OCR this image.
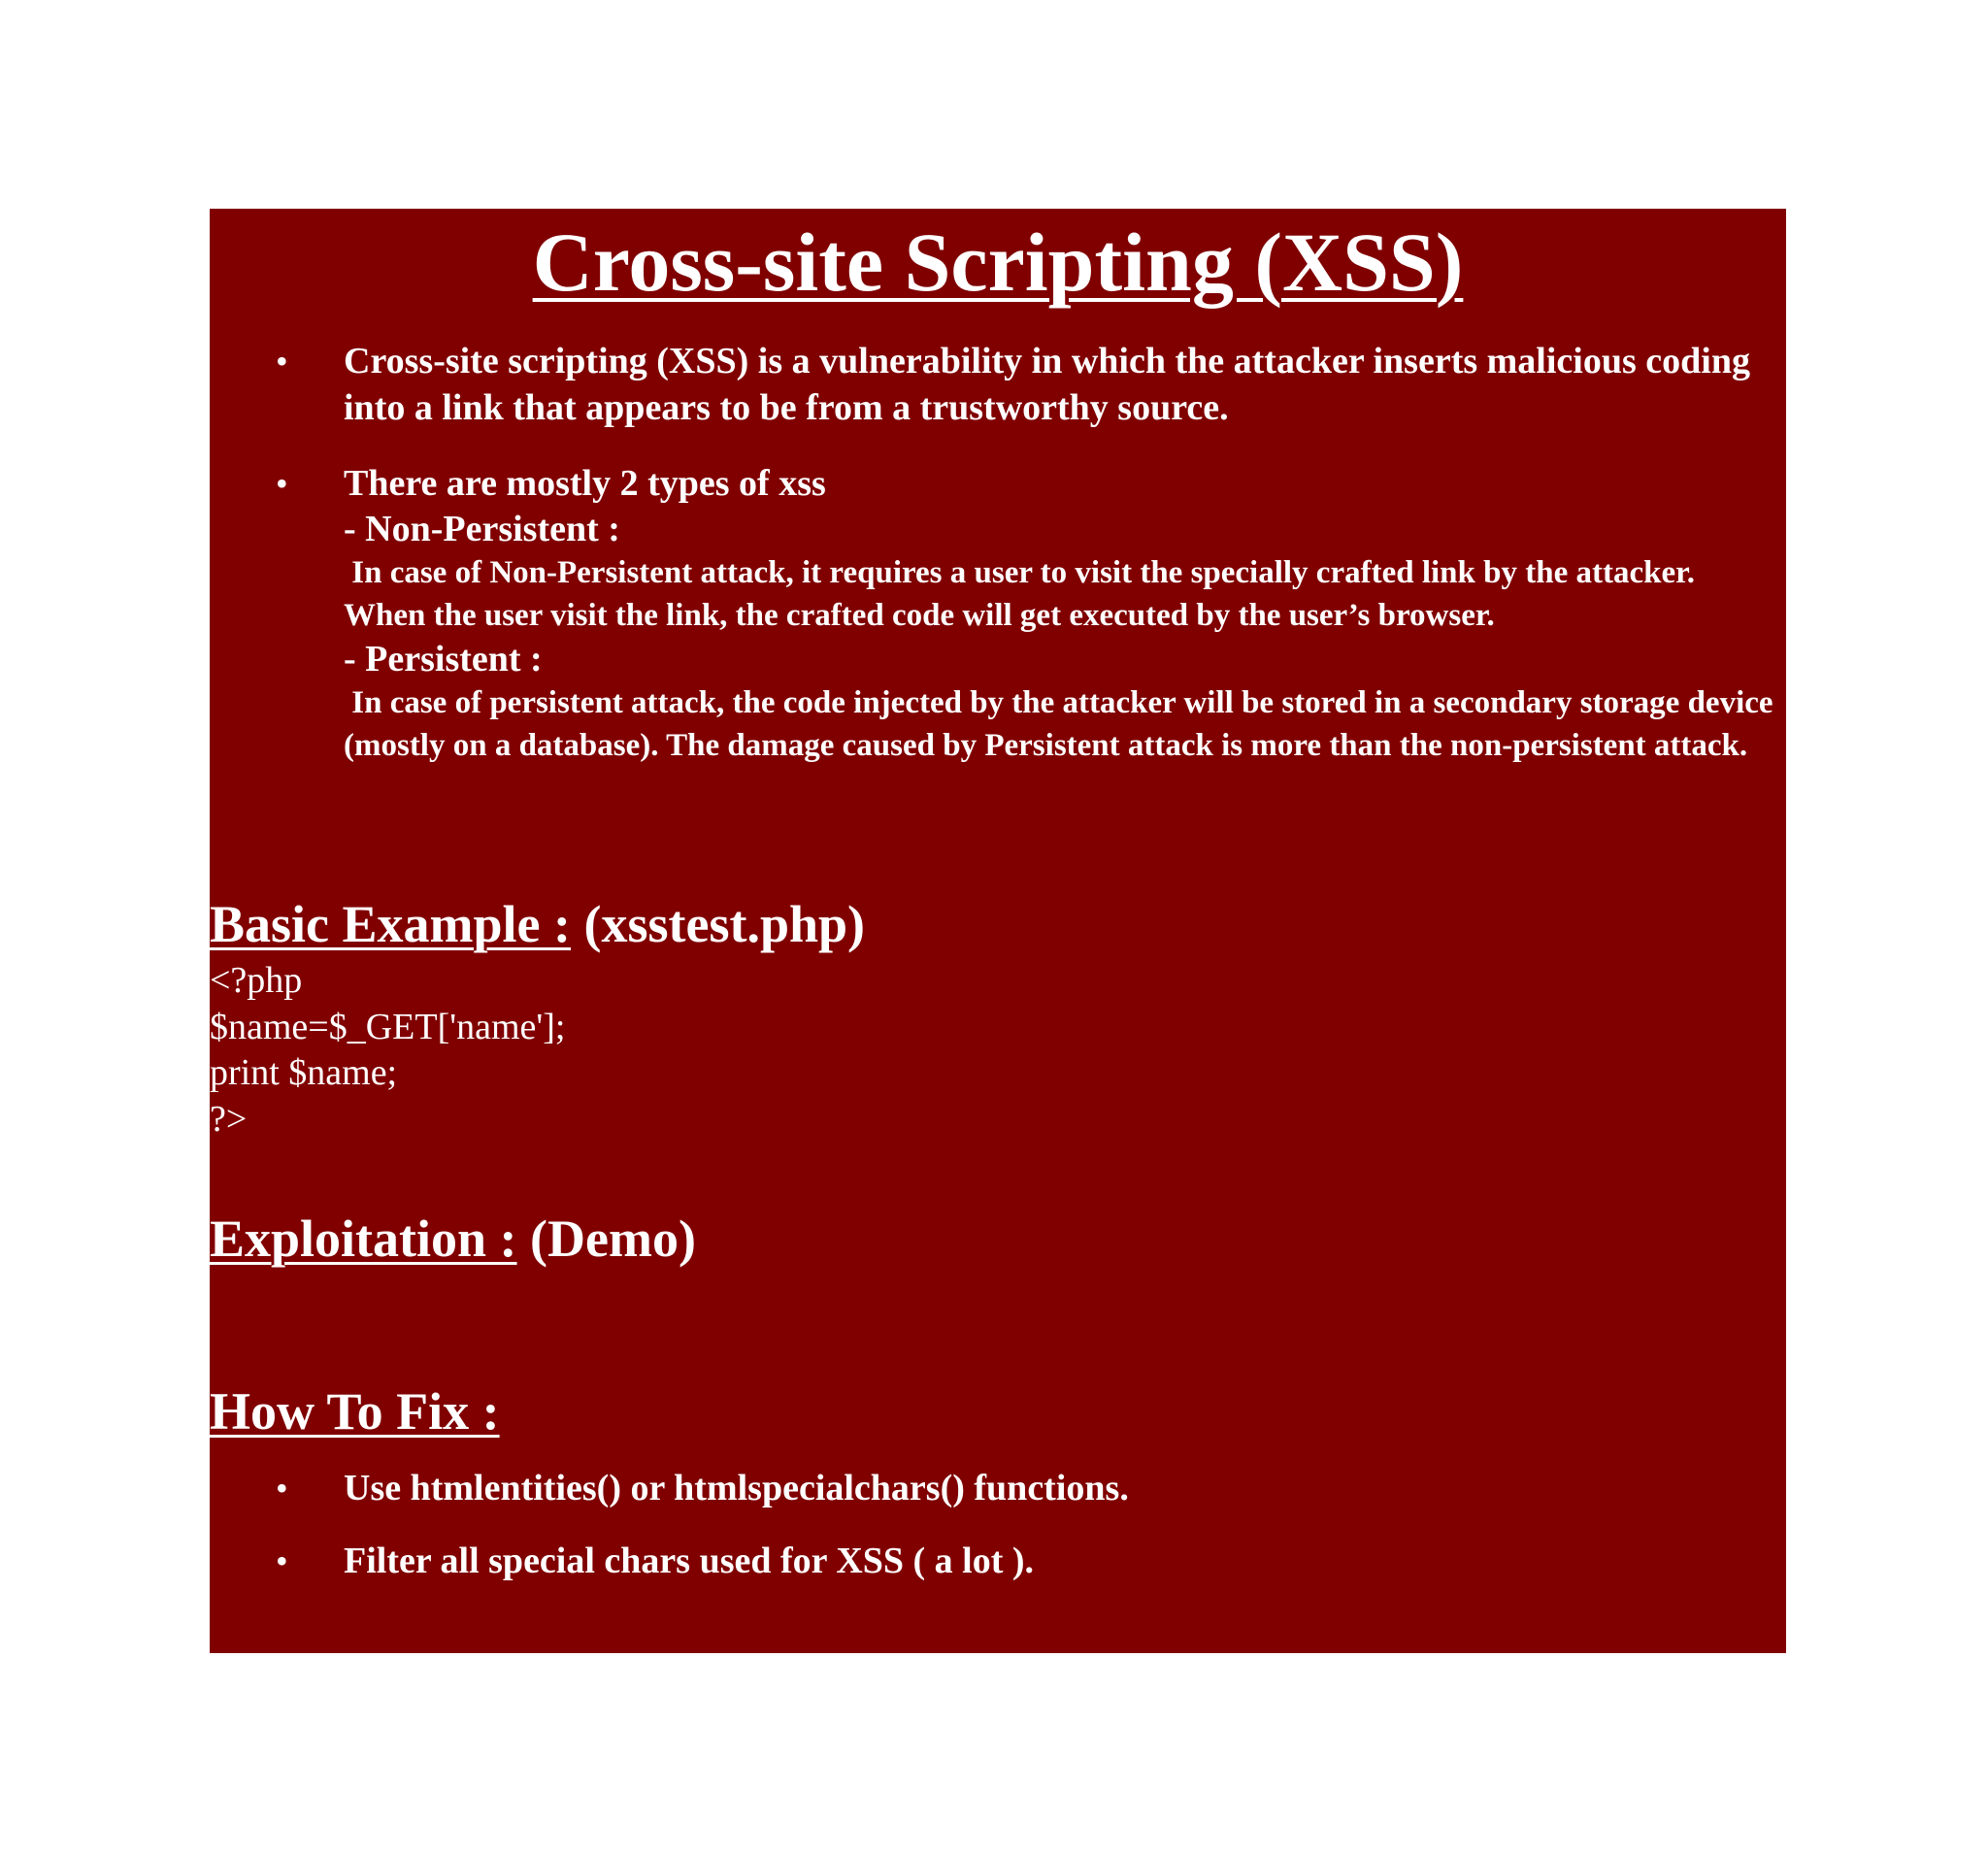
Cross-site Scripting (XSS)
• Cross-site scripting (XSS) is a vulnerability in which the attacker inserts malicious coding into a link that appears to be from a trustworthy source.
• There are mostly 2 types of xss
- Non-Persistent :
In case of Non-Persistent attack, it requires a user to visit the specially crafted link by the attacker. When the user visit the link, the crafted code will get executed by the user’s browser.
- Persistent :
In case of persistent attack, the code injected by the attacker will be stored in a secondary storage device (mostly on a database). The damage caused by Persistent attack is more than the non-persistent attack.
Basic Example : (xsstest.php)
<?php
$name=$_GET['name'];
print $name;
?>
Exploitation : (Demo)
How To Fix :
• Use htmlentities() or htmlspecialchars() functions.
• Filter all special chars used for XSS ( a lot ).
